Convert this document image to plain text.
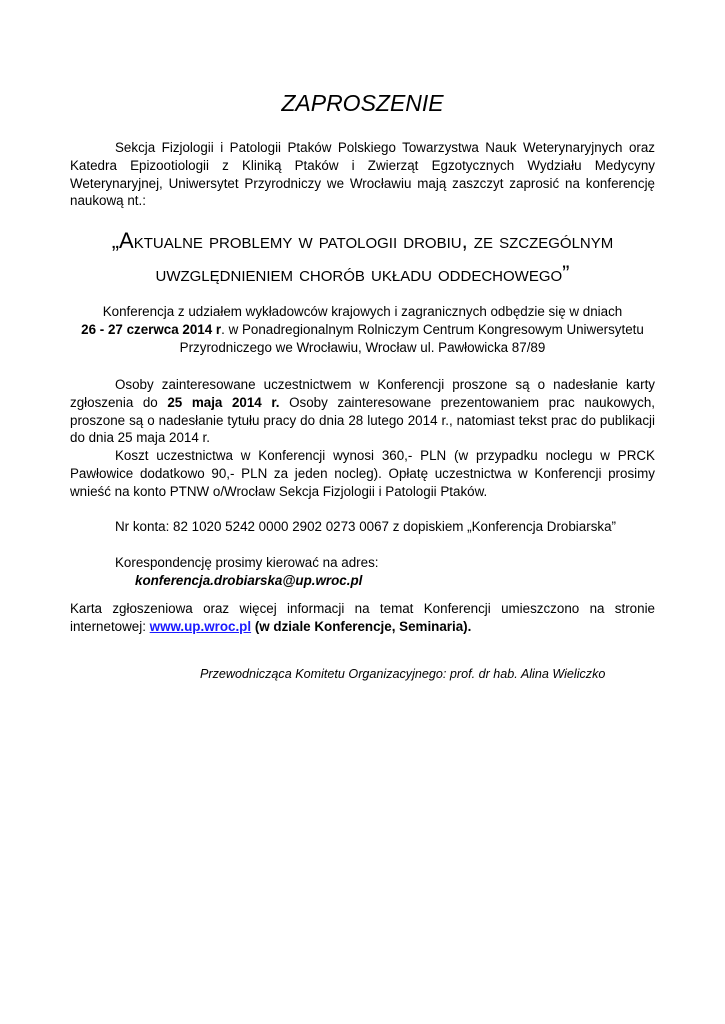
ZAPROSZENIE
Sekcja Fizjologii i Patologii Ptaków Polskiego Towarzystwa Nauk Weterynaryjnych oraz Katedra Epizootiologii z Kliniką Ptaków i Zwierząt Egzotycznych Wydziału Medycyny Weterynaryjnej, Uniwersytet Przyrodniczy we Wrocławiu mają zaszczyt zaprosić na konferencję naukową nt.:
„Aktualne problemy w patologii drobiu, ze szczególnym
uwzględnieniem chorób układu oddechowego”
Konferencja z udziałem wykładowców krajowych i zagranicznych odbędzie się w dniach
26 - 27 czerwca 2014 r. w Ponadregionalnym Rolniczym Centrum Kongresowym Uniwersytetu
Przyrodniczego we Wrocławiu, Wrocław ul. Pawłowicka 87/89
Osoby zainteresowane uczestnictwem w Konferencji proszone są o nadesłanie karty zgłoszenia do 25 maja 2014 r. Osoby zainteresowane prezentowaniem prac naukowych, proszone są o nadesłanie tytułu pracy do dnia 28 lutego 2014 r., natomiast tekst prac do publikacji do dnia 25 maja 2014 r.
Koszt uczestnictwa w Konferencji wynosi 360,- PLN (w przypadku noclegu w PRCK Pawłowice dodatkowo 90,- PLN za jeden nocleg). Opłatę uczestnictwa w Konferencji prosimy wnieść na konto PTNW o/Wrocław Sekcja Fizjologii i Patologii Ptaków.
Nr konta: 82 1020 5242 0000 2902 0273 0067 z dopiskiem „Konferencja Drobiarska”
Korespondencję prosimy kierować na adres:
konferencja.drobiarska@up.wroc.pl
Karta zgłoszeniowa oraz więcej informacji na temat Konferencji umieszczono na stronie internetowej: www.up.wroc.pl (w dziale Konferencje, Seminaria).
Przewodnicząca Komitetu Organizacyjnego: prof. dr hab. Alina Wieliczko
